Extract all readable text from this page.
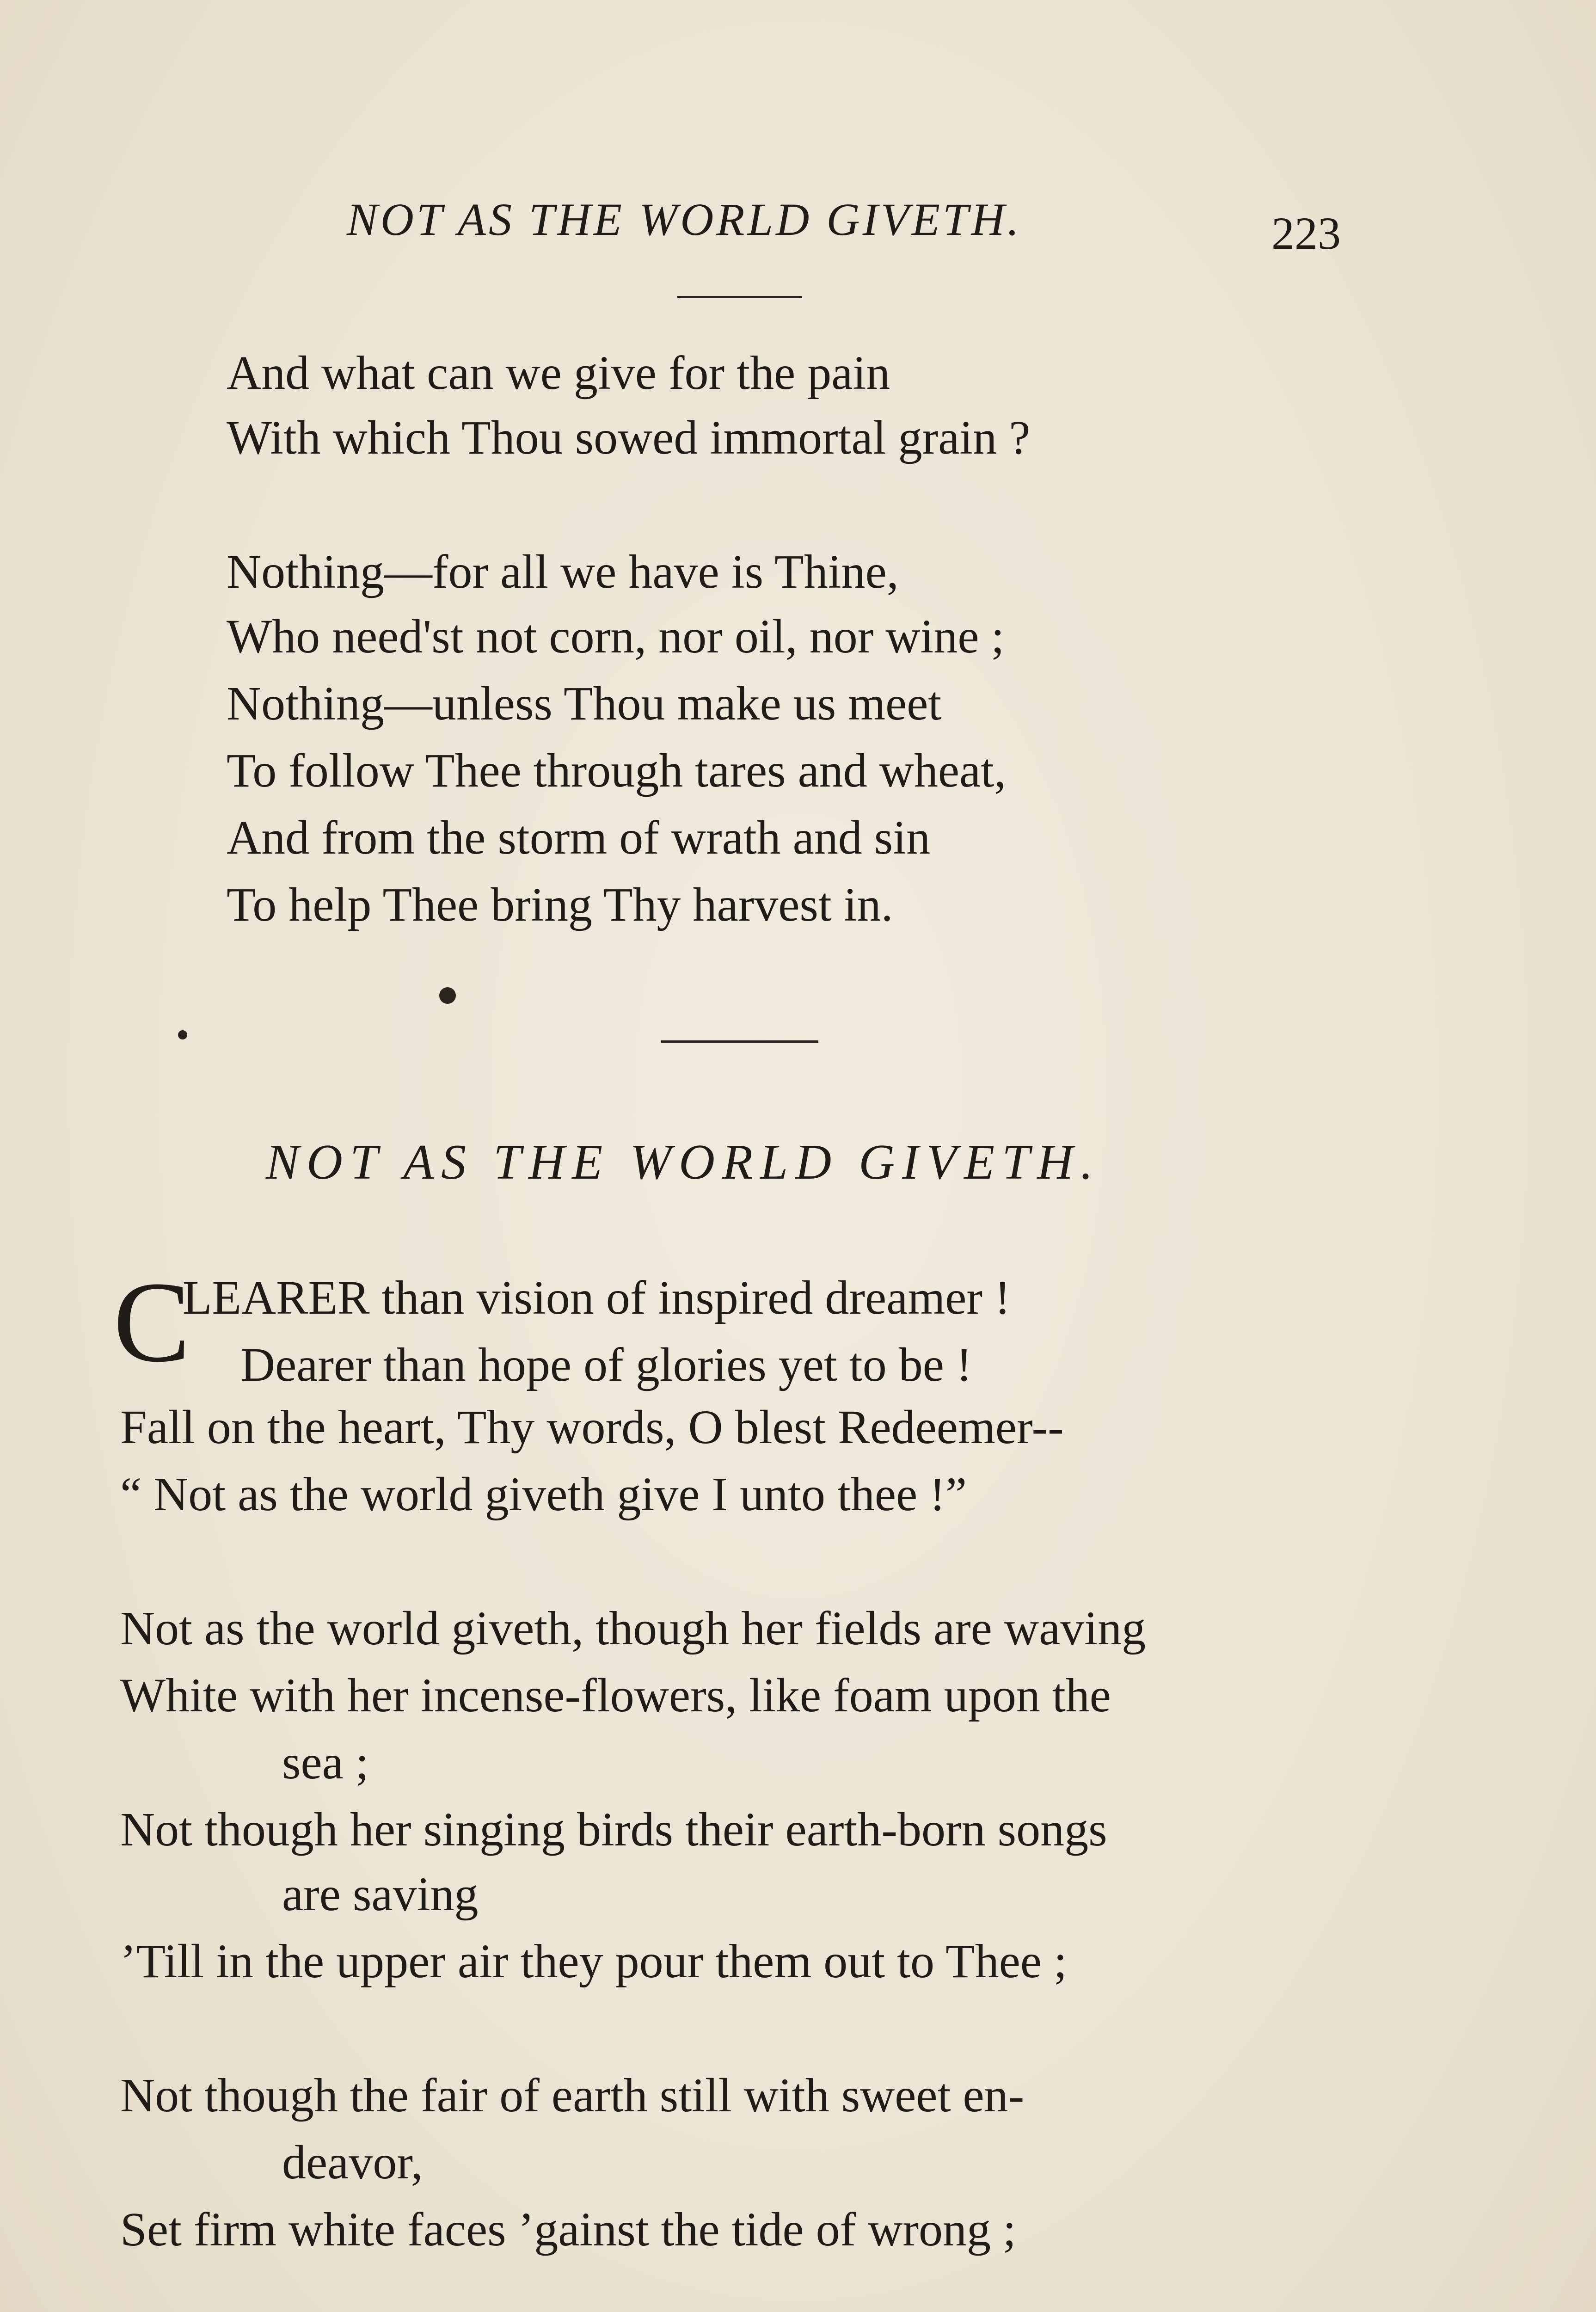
NOT AS THE WORLD GIVETH.	223
And what can we give for the pain
With which Thou sowed immortal grain ?
Nothing—for all we have is Thine,
Who need'st not corn, nor oil, nor wine ;
Nothing—unless Thou make us meet
To follow Thee through tares and wheat,
And from the storm of wrath and sin
To help Thee bring Thy harvest in.
NOT AS THE WORLD GIVETH.
C
LEARER than vision of inspired dreamer !
Dearer than hope of glories yet to be !
Fall on the heart, Thy words, O blest Redeemer--
“ Not as the world giveth give I unto thee !”
Not as the world giveth, though her fields are waving
White with her incense-flowers, like foam upon the
sea ;
Not though her singing birds their earth-born songs
are saving
’Till in the upper air they pour them out to Thee ;
Not though the fair of earth still with sweet en-
deavor,
Set firm white faces ’gainst the tide of wrong ;
